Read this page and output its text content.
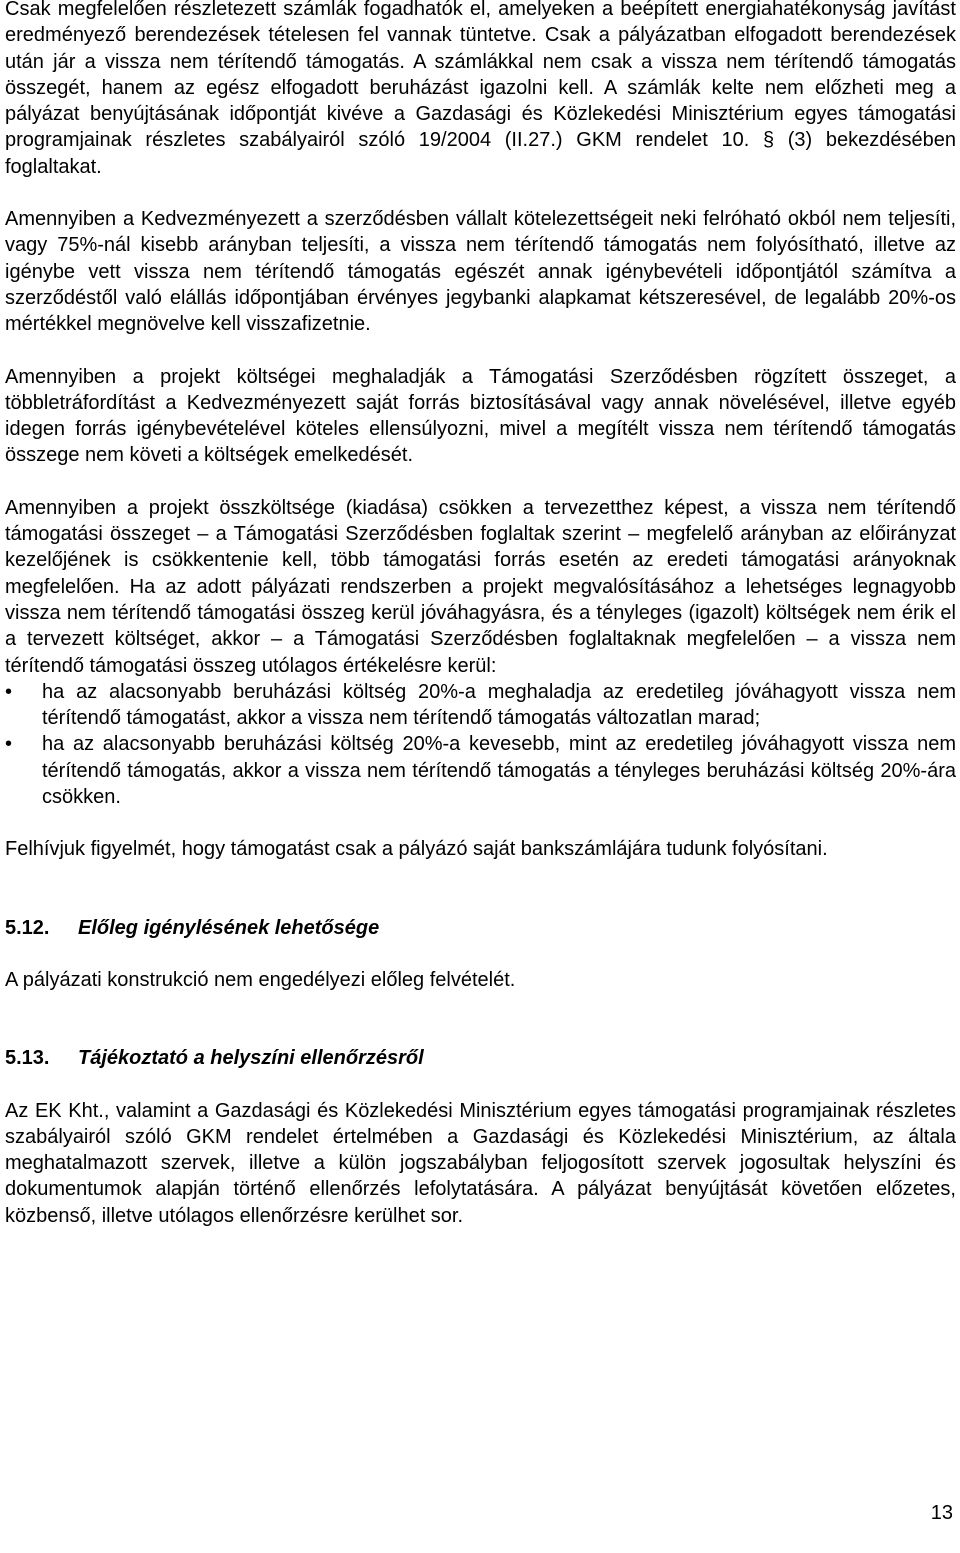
Csak megfelelően részletezett számlák fogadhatók el, amelyeken a beépített energiahatékonyság javítást eredményező berendezések tételesen fel vannak tüntetve. Csak a pályázatban elfogadott berendezések után jár a vissza nem térítendő támogatás. A számlákkal nem csak a vissza nem térítendő támogatás összegét, hanem az egész elfogadott beruházást igazolni kell. A számlák kelte nem előzheti meg a pályázat benyújtásának időpontját kivéve a Gazdasági és Közlekedési Minisztérium egyes támogatási programjainak részletes szabályairól szóló 19/2004 (II.27.) GKM rendelet 10. § (3) bekezdésében foglaltakat.

Amennyiben a Kedvezményezett a szerződésben vállalt kötelezettségeit neki felróható okból nem teljesíti, vagy 75%-nál kisebb arányban teljesíti, a vissza nem térítendő támogatás nem folyósítható, illetve az igénybe vett vissza nem térítendő támogatás egészét annak igénybevételi időpontjától számítva a szerződéstől való elállás időpontjában érvényes jegybanki alapkamat kétszeresével, de legalább 20%-os mértékkel megnövelve kell visszafizetnie.

Amennyiben a projekt költségei meghaladják a Támogatási Szerződésben rögzített összeget, a többletráfordítást a Kedvezményezett saját forrás biztosításával vagy annak növelésével, illetve egyéb idegen forrás igénybevételével köteles ellensúlyozni, mivel a megítélt vissza nem térítendő támogatás összege nem követi a költségek emelkedését.

Amennyiben a projekt összköltsége (kiadása) csökken a tervezetthez képest, a vissza nem térítendő támogatási összeget – a Támogatási Szerződésben foglaltak szerint – megfelelő arányban az előirányzat kezelőjének is csökkentenie kell, több támogatási forrás esetén az eredeti támogatási arányoknak megfelelően. Ha az adott pályázati rendszerben a projekt megvalósításához a lehetséges legnagyobb vissza nem térítendő támogatási összeg kerül jóváhagyásra, és a tényleges (igazolt) költségek nem érik el a tervezett költséget, akkor – a Támogatási Szerződésben foglaltaknak megfelelően – a vissza nem térítendő támogatási összeg utólagos értékelésre kerül:

•	ha az alacsonyabb beruházási költség 20%-a meghaladja az eredetileg jóváhagyott vissza nem térítendő támogatást, akkor a vissza nem térítendő támogatás változatlan marad;
•	ha az alacsonyabb beruházási költség 20%-a kevesebb, mint az eredetileg jóváhagyott vissza nem térítendő támogatás, akkor a vissza nem térítendő támogatás a tényleges beruházási költség 20%-ára csökken.

Felhívjuk figyelmét, hogy támogatást csak a pályázó saját bankszámlájára tudunk folyósítani.

5.12.	Előleg igénylésének lehetősége

A pályázati konstrukció nem engedélyezi előleg felvételét.

5.13.	Tájékoztató a helyszíni ellenőrzésről

Az EK Kht., valamint a Gazdasági és Közlekedési Minisztérium egyes támogatási programjainak részletes szabályairól szóló GKM rendelet értelmében a Gazdasági és Közlekedési Minisztérium, az általa meghatalmazott szervek, illetve a külön jogszabályban feljogosított szervek jogosultak helyszíni és dokumentumok alapján történő ellenőrzés lefolytatására. A pályázat benyújtását követően előzetes, közbenső, illetve utólagos ellenőrzésre kerülhet sor.

13
